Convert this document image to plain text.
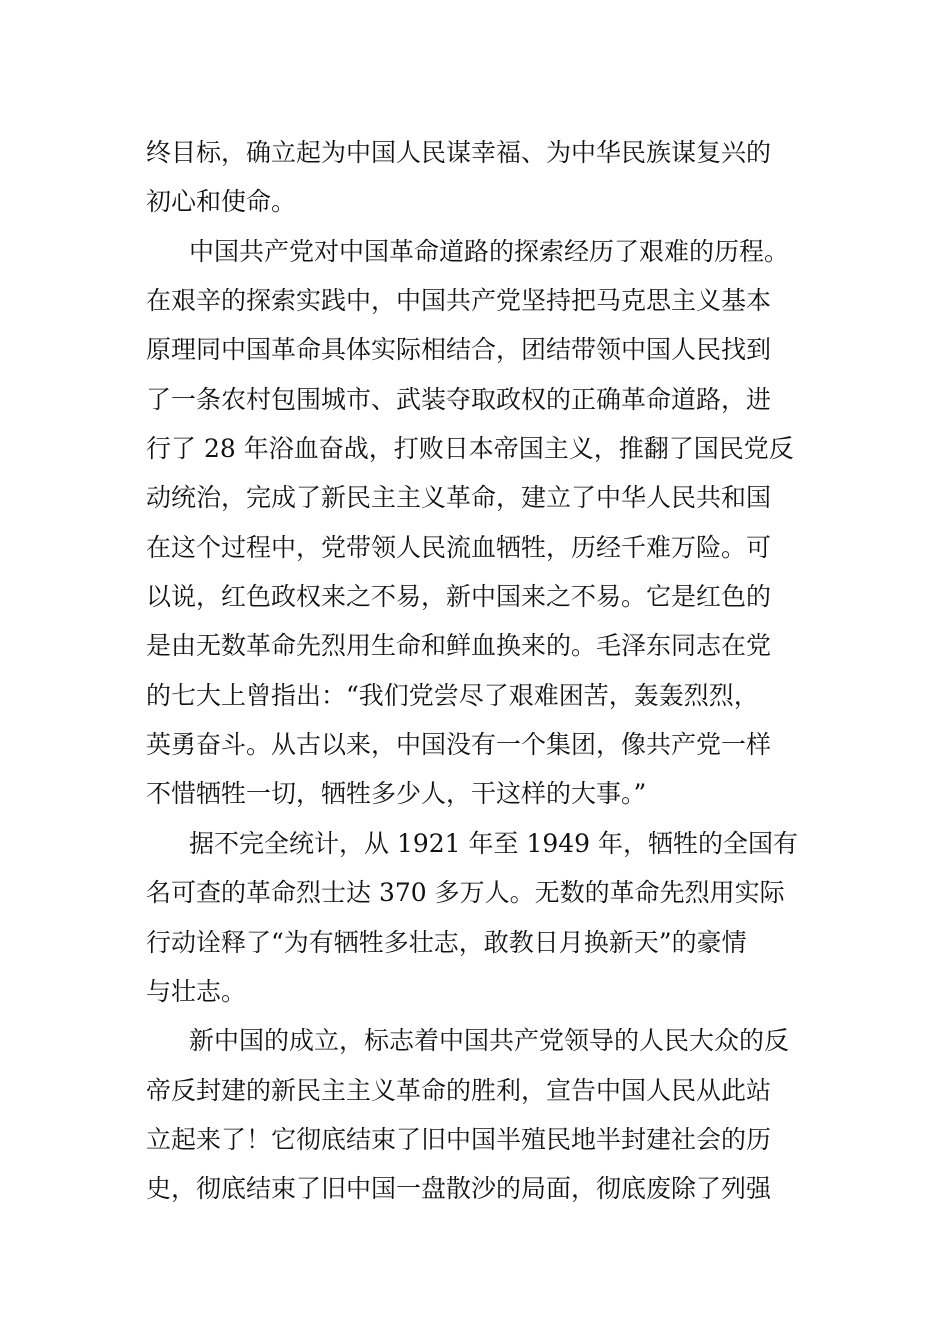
终目标，确立起为中国人民谋幸福、为中华民族谋复兴的
初心和使命。
中国共产党对中国革命道路的探索经历了艰难的历程。
在艰辛的探索实践中，中国共产党坚持把马克思主义基本
原理同中国革命具体实际相结合，团结带领中国人民找到
了一条农村包围城市、武装夺取政权的正确革命道路，进
行了 28 年浴血奋战，打败日本帝国主义，推翻了国民党反
动统治，完成了新民主主义革命，建立了中华人民共和国
在这个过程中，党带领人民流血牺牲，历经千难万险。可
以说，红色政权来之不易，新中国来之不易。它是红色的
是由无数革命先烈用生命和鲜血换来的。毛泽东同志在党
的七大上曾指出：“我们党尝尽了艰难困苦，轰轰烈烈，
英勇奋斗。从古以来，中国没有一个集团，像共产党一样
不惜牺牲一切，牺牲多少人，干这样的大事。”
据不完全统计，从 1921 年至 1949 年，牺牲的全国有
名可查的革命烈士达 370 多万人。无数的革命先烈用实际
行动诠释了“为有牺牲多壮志，敢教日月换新天”的豪情
与壮志。
新中国的成立，标志着中国共产党领导的人民大众的反
帝反封建的新民主主义革命的胜利，宣告中国人民从此站
立起来了！它彻底结束了旧中国半殖民地半封建社会的历
史，彻底结束了旧中国一盘散沙的局面，彻底废除了列强
